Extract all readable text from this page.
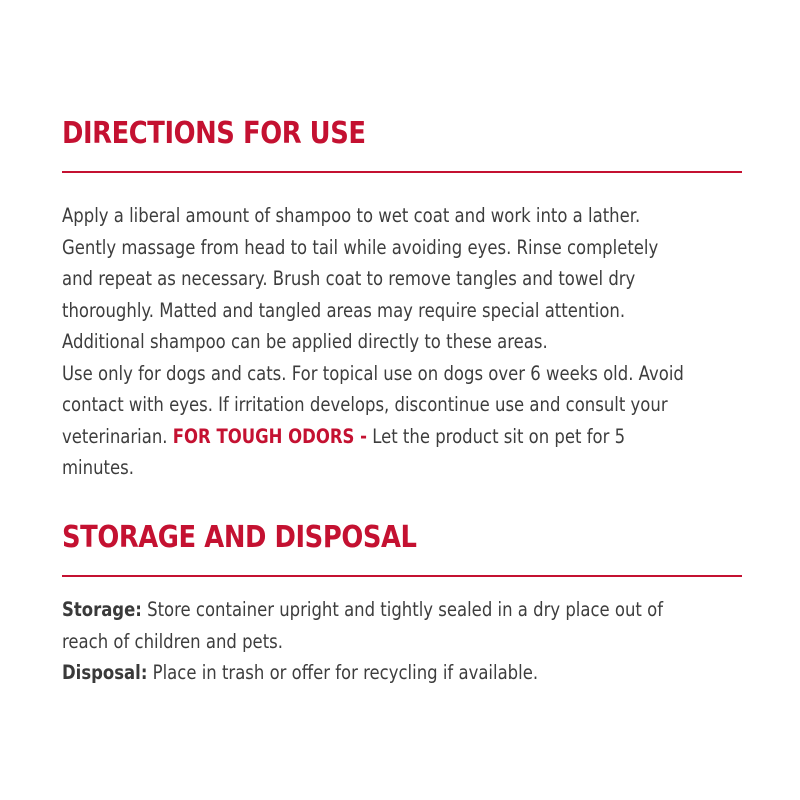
DIRECTIONS FOR USE
Apply a liberal amount of shampoo to wet coat and work into a lather.
Gently massage from head to tail while avoiding eyes. Rinse completely
and repeat as necessary. Brush coat to remove tangles and towel dry
thoroughly. Matted and tangled areas may require special attention.
Additional shampoo can be applied directly to these areas.
Use only for dogs and cats. For topical use on dogs over 6 weeks old. Avoid
contact with eyes. If irritation develops, discontinue use and consult your
veterinarian. FOR TOUGH ODORS - Let the product sit on pet for 5
minutes.
STORAGE AND DISPOSAL
Storage: Store container upright and tightly sealed in a dry place out of
reach of children and pets.
Disposal: Place in trash or offer for recycling if available.
